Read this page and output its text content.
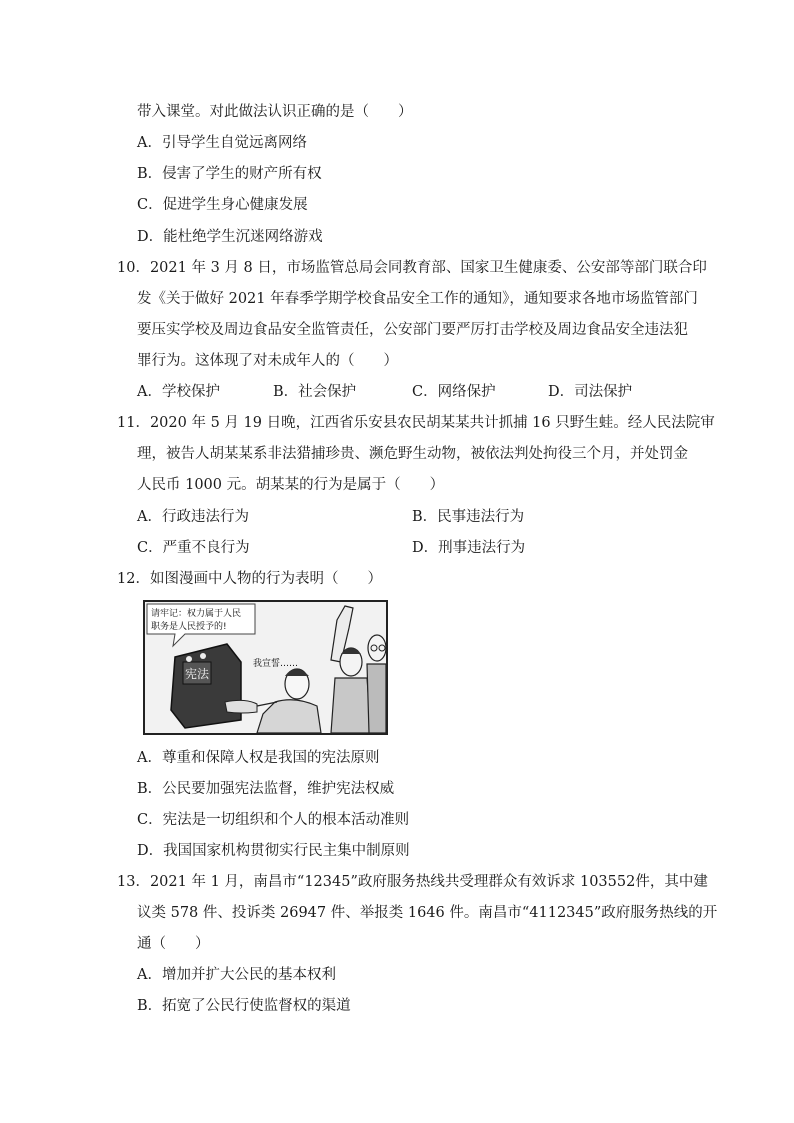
带入课堂。对此做法认识正确的是（　　）
A．引导学生自觉远离网络
B．侵害了学生的财产所有权
C．促进学生身心健康发展
D．能杜绝学生沉迷网络游戏
10．2021 年 3 月 8 日，市场监管总局会同教育部、国家卫生健康委、公安部等部门联合印
发《关于做好 2021 年春季学期学校食品安全工作的通知》，通知要求各地市场监管部门
要压实学校及周边食品安全监管责任，公安部门要严厉打击学校及周边食品安全违法犯
罪行为。这体现了对未成年人的（　　）
A．学校保护	B．社会保护	C．网络保护	D．司法保护
11．2020 年 5 月 19 日晚，江西省乐安县农民胡某某共计抓捕 16 只野生蛙。经人民法院审
理，被告人胡某某系非法猎捕珍贵、濒危野生动物，被依法判处拘役三个月，并处罚金
人民币 1000 元。胡某某的行为是属于（　　）
A．行政违法行为	B．民事违法行为
C．严重不良行为	D．刑事违法行为
12．如图漫画中人物的行为表明（　　）
请牢记：权力属于人民
职务是人民授予的!
宪法
我宣誓……
A．尊重和保障人权是我国的宪法原则
B．公民要加强宪法监督，维护宪法权威
C．宪法是一切组织和个人的根本活动准则
D．我国国家机构贯彻实行民主集中制原则
13．2021 年 1 月，南昌市“12345”政府服务热线共受理群众有效诉求 103552件，其中建
议类 578 件、投诉类 26947 件、举报类 1646 件。南昌市“4112345”政府服务热线的开
通（　　）
A．增加并扩大公民的基本权利
B．拓宽了公民行使监督权的渠道
